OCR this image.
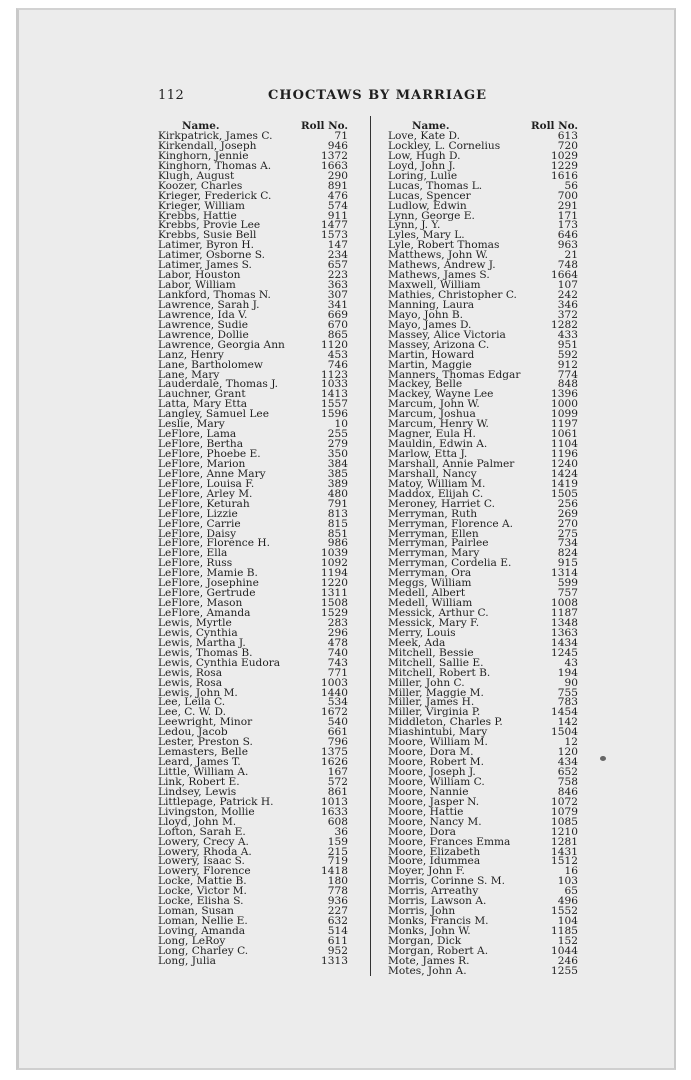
112	CHOCTAWS BY MARRIAGE
Name.	Roll No.
Kirkpatrick, James C.	71
Kirkendall, Joseph	946
Kinghorn, Jennie	1372
Kinghorn, Thomas A.	1663
Klugh, August	290
Koozer, Charles	891
Krieger, Frederick C.	476
Krieger, William	574
Krebbs, Hattie	911
Krebbs, Provie Lee	1477
Krebbs, Susie Bell	1573
Latimer, Byron H.	147
Latimer, Osborne S.	234
Latimer, James S.	657
Labor, Houston	223
Labor, William	363
Lankford, Thomas N.	307
Lawrence, Sarah J.	341
Lawrence, Ida V.	669
Lawrence, Sudie	670
Lawrence, Dollie	865
Lawrence, Georgia Ann	1120
Lanz, Henry	453
Lane, Bartholomew	746
Lane, Mary	1123
Lauderdale, Thomas J.	1033
Lauchner, Grant	1413
Latta, Mary Etta	1557
Langley, Samuel Lee	1596
Leslie, Mary	10
LeFlore, Lama	255
LeFlore, Bertha	279
LeFlore, Phoebe E.	350
LeFlore, Marion	384
LeFlore, Anne Mary	385
LeFlore, Louisa F.	389
LeFlore, Arley M.	480
LeFlore, Keturah	791
LeFlore, Lizzie	813
LeFlore, Carrie	815
LeFlore, Daisy	851
LeFlore, Florence H.	986
LeFlore, Ella	1039
LeFlore, Russ	1092
LeFlore, Mamie B.	1194
LeFlore, Josephine	1220
LeFlore, Gertrude	1311
LeFlore, Mason	1508
LeFlore, Amanda	1529
Lewis, Myrtle	283
Lewis, Cynthia	296
Lewis, Martha J.	478
Lewis, Thomas B.	740
Lewis, Cynthia Eudora	743
Lewis, Rosa	771
Lewis, Rosa	1003
Lewis, John M.	1440
Lee, Leila C.	534
Lee, C. W. D.	1672
Leewright, Minor	540
Ledou, Jacob	661
Lester, Preston S.	796
Lemasters, Belle	1375
Leard, James T.	1626
Little, William A.	167
Link, Robert E.	572
Lindsey, Lewis	861
Littlepage, Patrick H.	1013
Livingston, Mollie	1633
Lloyd, John M.	608
Lofton, Sarah E.	36
Lowery, Crecy A.	159
Lowery, Rhoda A.	215
Lowery, Isaac S.	719
Lowery, Florence	1418
Locke, Mattie B.	180
Locke, Victor M.	778
Locke, Elisha S.	936
Loman, Susan	227
Loman, Nellie E.	632
Loving, Amanda	514
Long, LeRoy	611
Long, Charley C.	952
Long, Julia	1313
Name.	Roll No.
Love, Kate D.	613
Lockley, L. Cornelius	720
Low, Hugh D.	1029
Loyd, John J.	1229
Loring, Lulie	1616
Lucas, Thomas L.	56
Lucas, Spencer	700
Ludlow, Edwin	291
Lynn, George E.	171
Lynn, J. Y.	173
Lyles, Mary L.	646
Lyle, Robert Thomas	963
Matthews, John W.	21
Mathews, Andrew J.	748
Mathews, James S.	1664
Maxwell, William	107
Mathies, Christopher C.	242
Manning, Laura	346
Mayo, John B.	372
Mayo, James D.	1282
Massey, Alice Victoria	433
Massey, Arizona C.	951
Martin, Howard	592
Martin, Maggie	912
Manners, Thomas Edgar	774
Mackey, Belle	848
Mackey, Wayne Lee	1396
Marcum, John W.	1000
Marcum, Joshua	1099
Marcum, Henry W.	1197
Magner, Eula H.	1061
Mauldin, Edwin A.	1104
Marlow, Etta J.	1196
Marshall, Annie Palmer	1240
Marshall, Nancy	1424
Matoy, William M.	1419
Maddox, Elijah C.	1505
Meroney, Harriet C.	256
Merryman, Ruth	269
Merryman, Florence A.	270
Merryman, Ellen	275
Merryman, Pairlee	734
Merryman, Mary	824
Merryman, Cordelia E.	915
Merryman, Ora	1314
Meggs, William	599
Medell, Albert	757
Medell, William	1008
Messick, Arthur C.	1187
Messick, Mary F.	1348
Merry, Louis	1363
Meek, Ada	1434
Mitchell, Bessie	1245
Mitchell, Sallie E.	43
Mitchell, Robert B.	194
Miller, John C.	90
Miller, Maggie M.	755
Miller, James H.	783
Miller, Virginia P.	1454
Middleton, Charles P.	142
Miashintubi, Mary	1504
Moore, William M.	12
Moore, Dora M.	120
Moore, Robert M.	434
Moore, Joseph J.	652
Moore, William C.	758
Moore, Nannie	846
Moore, Jasper N.	1072
Moore, Hattie	1079
Moore, Nancy M.	1085
Moore, Dora	1210
Moore, Frances Emma	1281
Moore, Elizabeth	1431
Moore, Idummea	1512
Moyer, John F.	16
Morris, Corinne S. M.	103
Morris, Arreathy	65
Morris, Lawson A.	496
Morris, John	1552
Monks, Francis M.	104
Monks, John W.	1185
Morgan, Dick	152
Morgan, Robert A.	1044
Mote, James R.	246
Motes, John A.	1255
